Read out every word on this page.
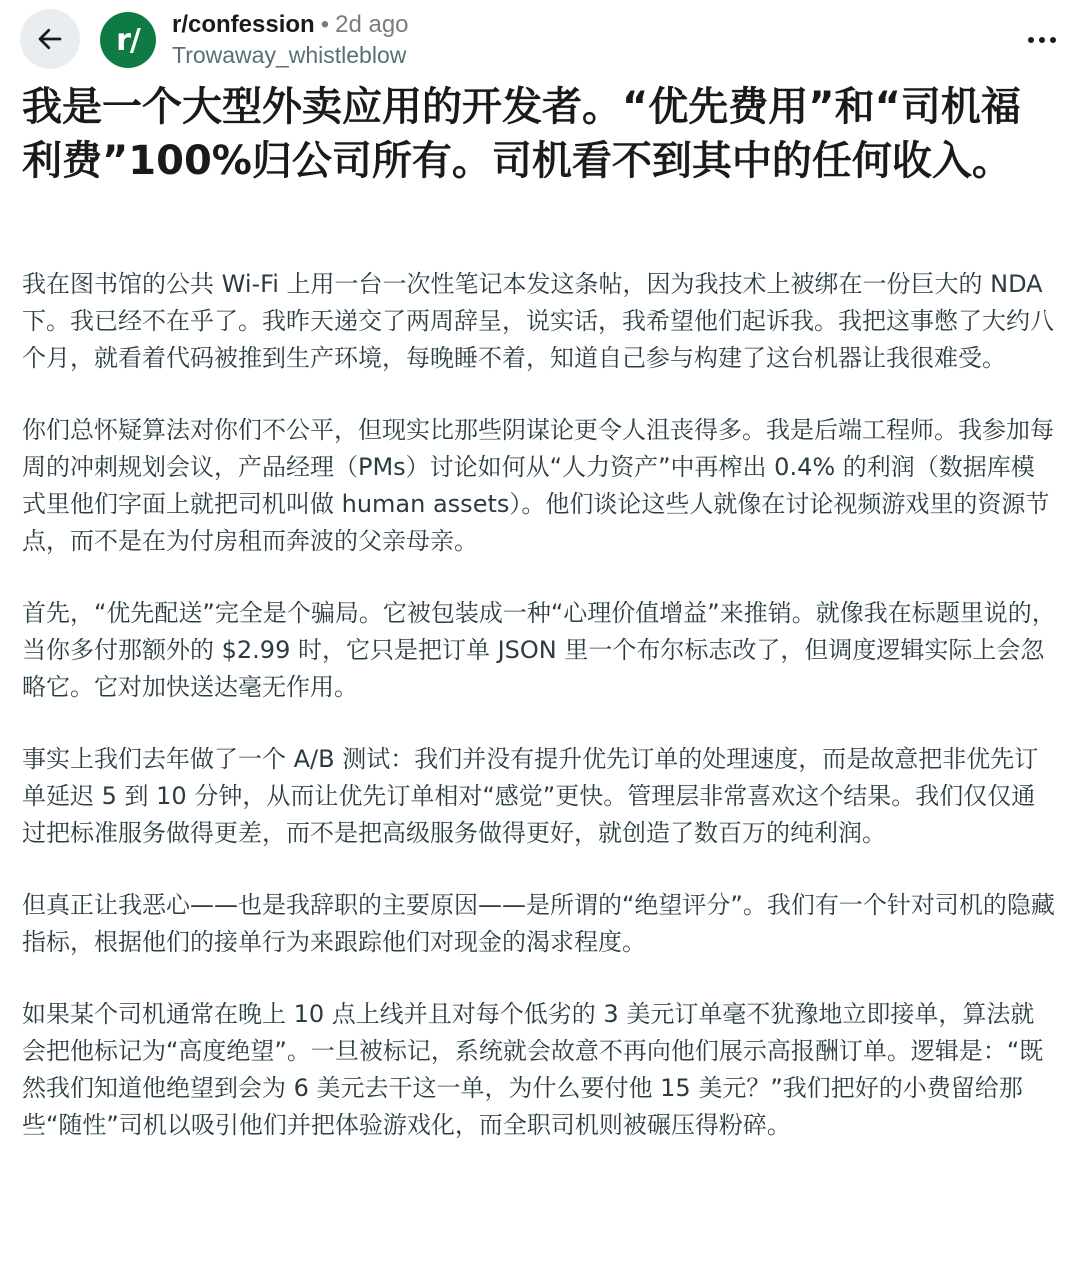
r/ r/confession • 2d ago
Trowaway_whistleblow
我是一个大型外卖应用的开发者。“优先费用”和“司机福利费”100%归公司所有。司机看不到其中的任何收入。

我在图书馆的公共 Wi-Fi 上用一台一次性笔记本发这条帖，因为我技术上被绑在一份巨大的 NDA 下。我已经不在乎了。我昨天递交了两周辞呈，说实话，我希望他们起诉我。我把这事憋了大约八个月，就看着代码被推到生产环境，每晚睡不着，知道自己参与构建了这台机器让我很难受。

你们总怀疑算法对你们不公平，但现实比那些阴谋论更令人沮丧得多。我是后端工程师。我参加每周的冲刺规划会议，产品经理（PMs）讨论如何从“人力资产”中再榨出 0.4% 的利润（数据库模式里他们字面上就把司机叫做 human assets）。他们谈论这些人就像在讨论视频游戏里的资源节点，而不是在为付房租而奔波的父亲母亲。

首先，“优先配送”完全是个骗局。它被包装成一种“心理价值增益”来推销。就像我在标题里说的，当你多付那额外的 $2.99 时，它只是把订单 JSON 里一个布尔标志改了，但调度逻辑实际上会忽略它。它对加快送达毫无作用。

事实上我们去年做了一个 A/B 测试：我们并没有提升优先订单的处理速度，而是故意把非优先订单延迟 5 到 10 分钟，从而让优先订单相对“感觉”更快。管理层非常喜欢这个结果。我们仅仅通过把标准服务做得更差，而不是把高级服务做得更好，就创造了数百万的纯利润。

但真正让我恶心——也是我辞职的主要原因——是所谓的“绝望评分”。我们有一个针对司机的隐藏指标，根据他们的接单行为来跟踪他们对现金的渴求程度。

如果某个司机通常在晚上 10 点上线并且对每个低劣的 3 美元订单毫不犹豫地立即接单，算法就会把他标记为“高度绝望”。一旦被标记，系统就会故意不再向他们展示高报酬订单。逻辑是：“既然我们知道他绝望到会为 6 美元去干这一单，为什么要付他 15 美元？”我们把好的小费留给那些“随性”司机以吸引他们并把体验游戏化，而全职司机则被碾压得粉碎。
